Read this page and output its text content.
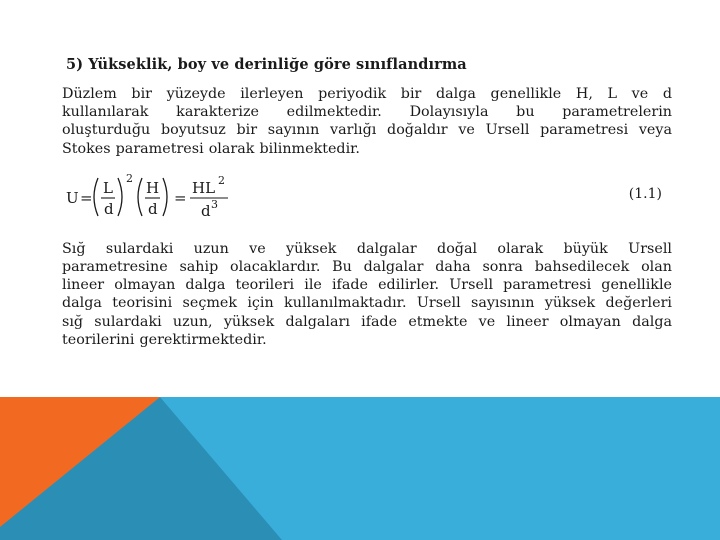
5) Yükseklik, boy ve derinliğe göre sınıflandırma

Düzlem bir yüzeyde ilerleyen periyodik bir dalga genellikle H, L ve d
kullanılarak karakterize edilmektedir. Dolayısıyla bu parametrelerin
oluşturduğu boyutsuz bir sayının varlığı doğaldır ve Ursell parametresi veya
Stokes parametresi olarak bilinmektedir.

U =
L
d
2
H
d
=
HL 2
d 3
(1.1)

Sığ sulardaki uzun ve yüksek dalgalar doğal olarak büyük Ursell
parametresine sahip olacaklardır. Bu dalgalar daha sonra bahsedilecek olan
lineer olmayan dalga teorileri ile ifade edilirler. Ursell parametresi genellikle
dalga teorisini seçmek için kullanılmaktadır. Ursell sayısının yüksek değerleri
sığ sulardaki uzun, yüksek dalgaları ifade etmekte ve lineer olmayan dalga
teorilerini gerektirmektedir.
